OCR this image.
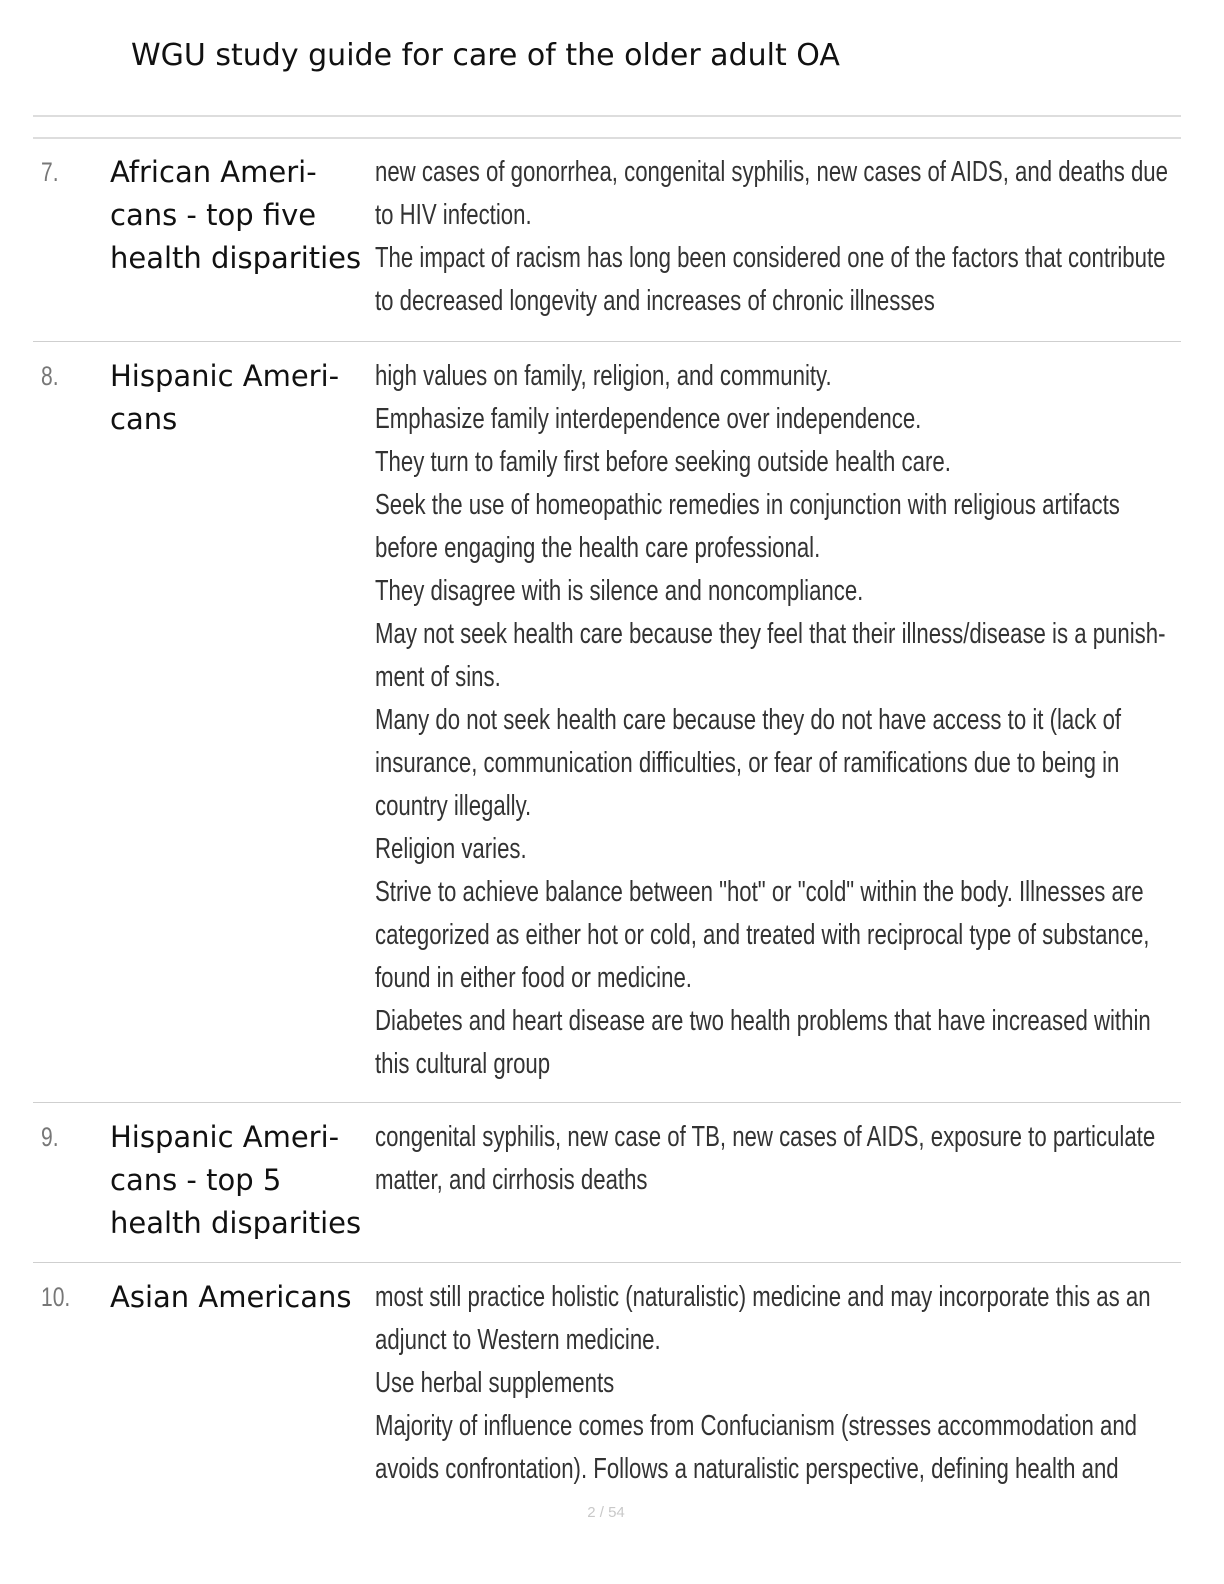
WGU study guide for care of the older adult OA
7. African Ameri-
cans - top five
health disparities
new cases of gonorrhea, congenital syphilis, new cases of AIDS, and deaths due
to HIV infection.
The impact of racism has long been considered one of the factors that contribute
to decreased longevity and increases of chronic illnesses
8. Hispanic Ameri-
cans
high values on family, religion, and community.
Emphasize family interdependence over independence.
They turn to family first before seeking outside health care.
Seek the use of homeopathic remedies in conjunction with religious artifacts
before engaging the health care professional.
They disagree with is silence and noncompliance.
May not seek health care because they feel that their illness/disease is a punish-
ment of sins.
Many do not seek health care because they do not have access to it (lack of
insurance, communication difficulties, or fear of ramifications due to being in
country illegally.
Religion varies.
Strive to achieve balance between "hot" or "cold" within the body. Illnesses are
categorized as either hot or cold, and treated with reciprocal type of substance,
found in either food or medicine.
Diabetes and heart disease are two health problems that have increased within
this cultural group
9. Hispanic Ameri-
cans - top 5
health disparities
congenital syphilis, new case of TB, new cases of AIDS, exposure to particulate
matter, and cirrhosis deaths
10. Asian Americans most still practice holistic (naturalistic) medicine and may incorporate this as an
adjunct to Western medicine.
Use herbal supplements
Majority of influence comes from Confucianism (stresses accommodation and
avoids confrontation). Follows a naturalistic perspective, defining health and
2 / 54
